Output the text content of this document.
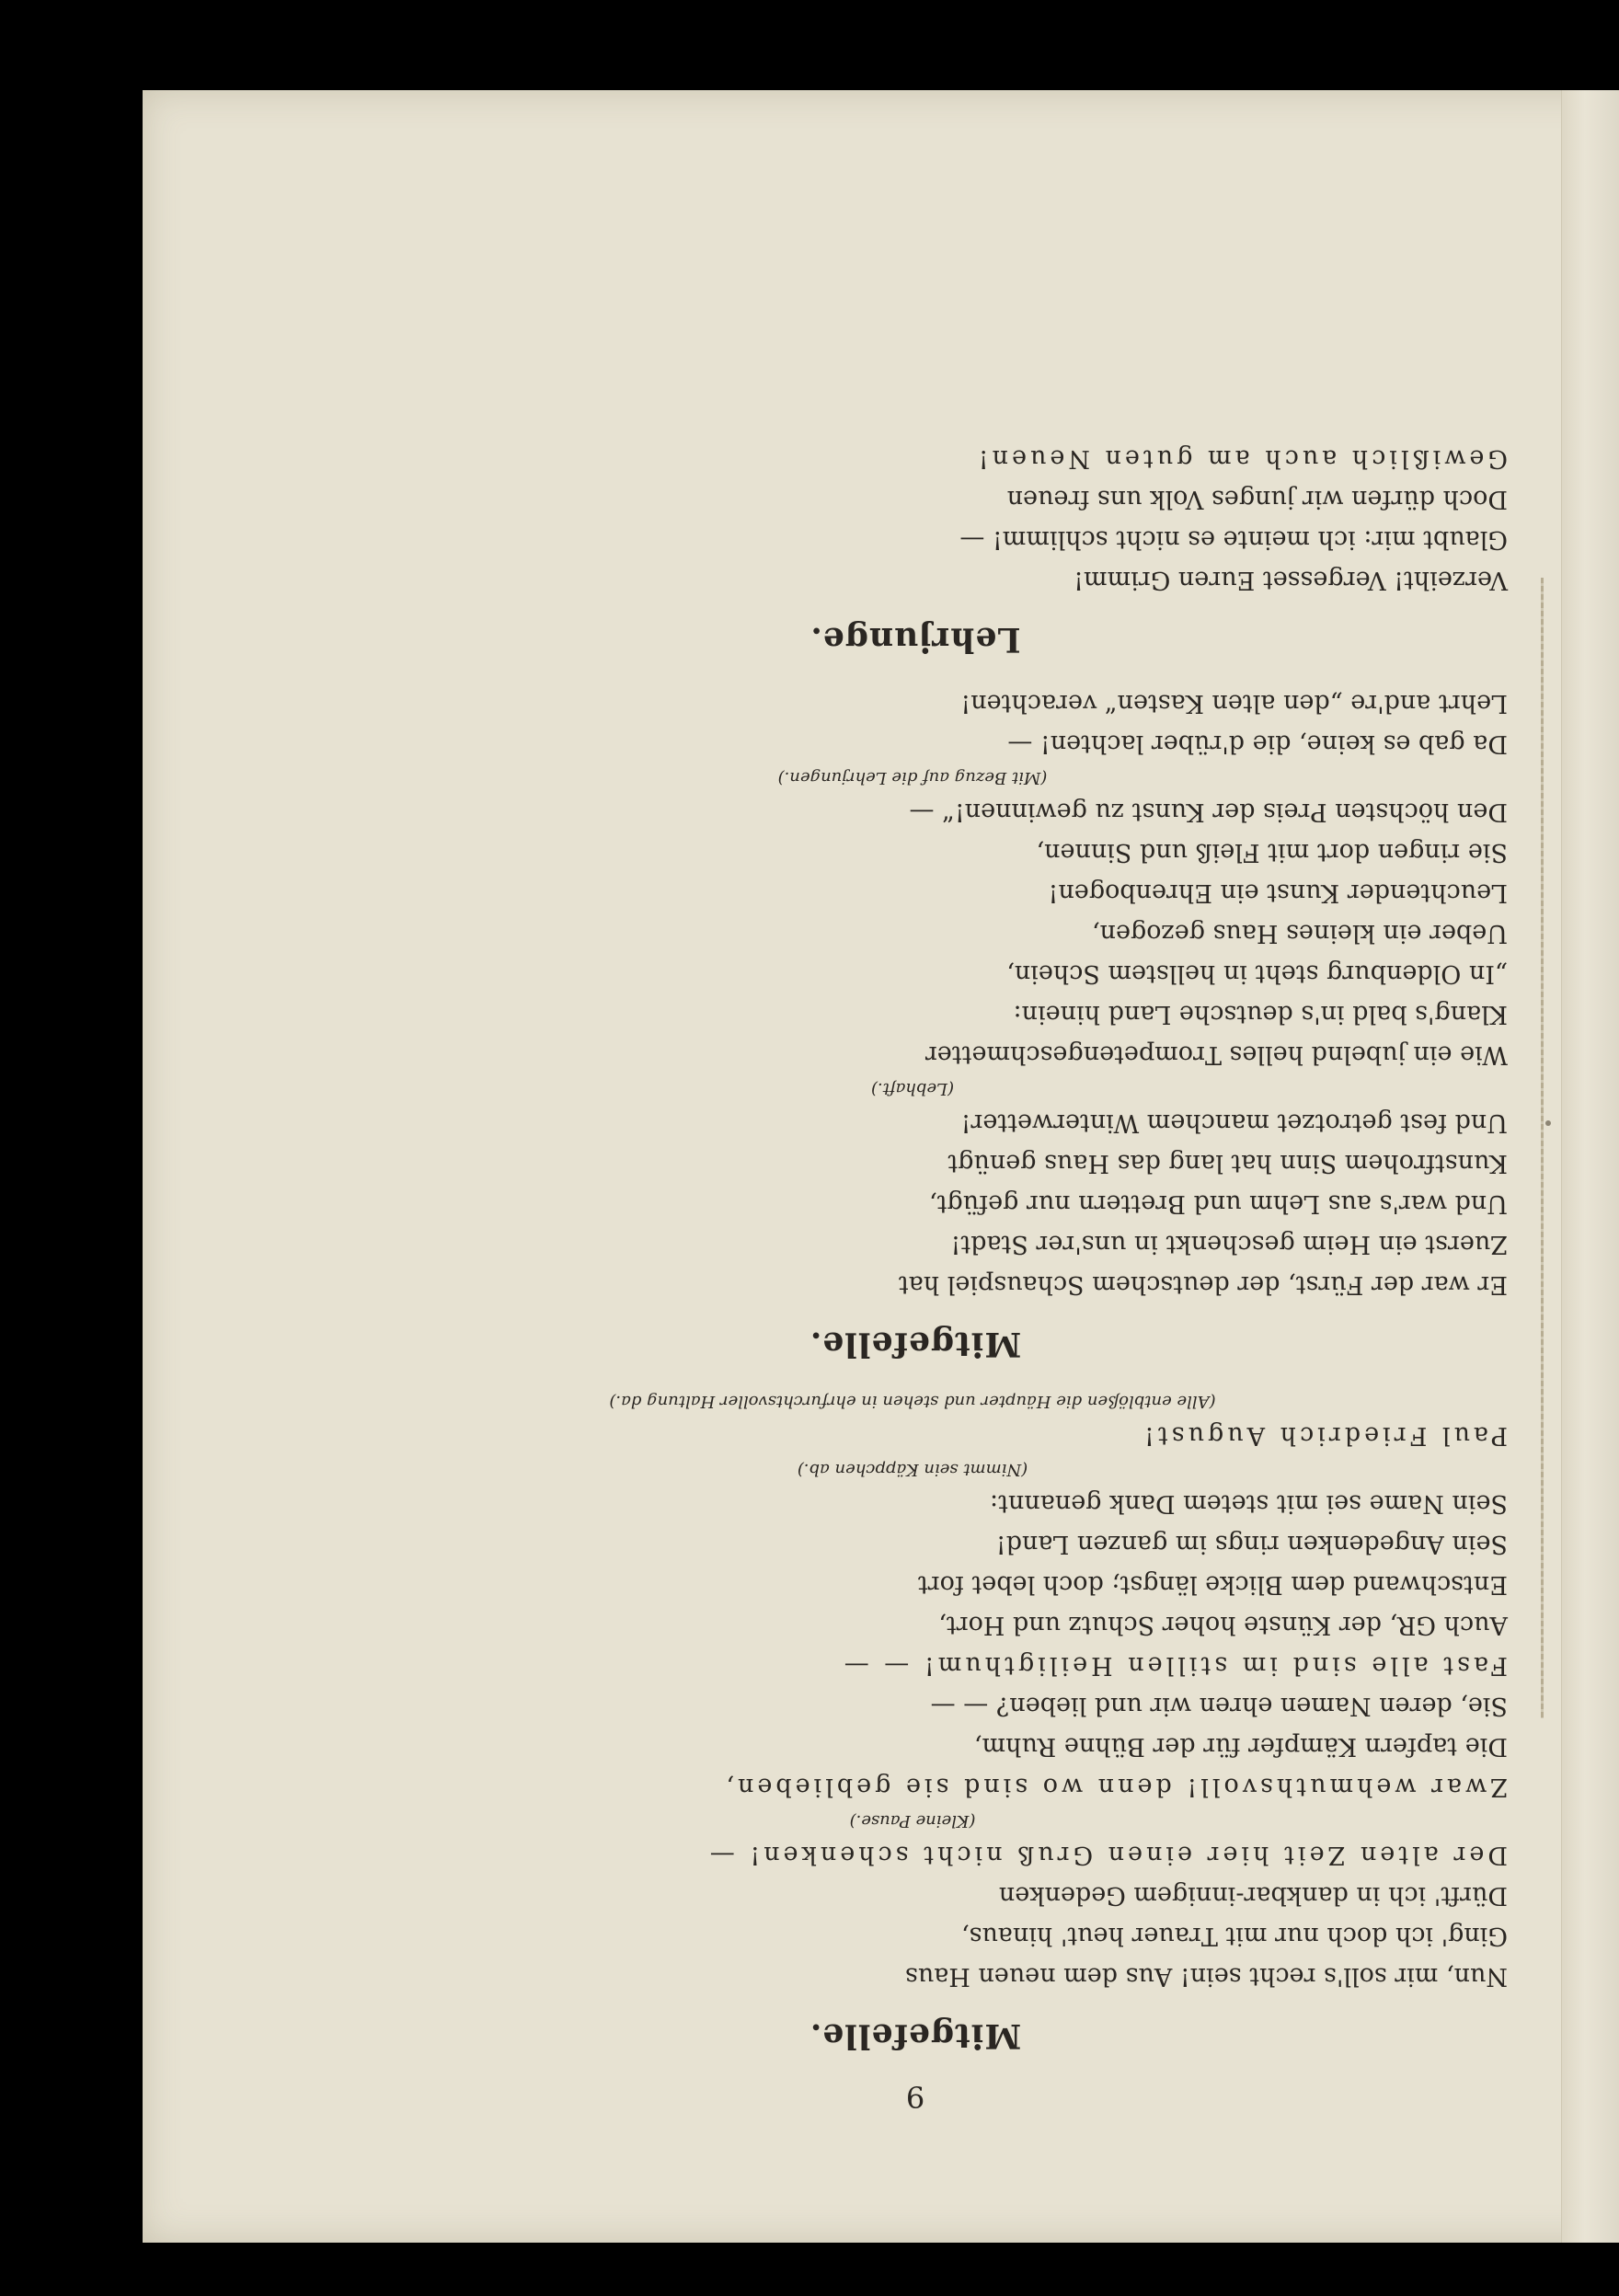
9
Mitgefelle.
Nun, mir soll's recht sein! Aus dem neuen Haus
Ging' ich doch nur mit Trauer heut' hinaus,
Dürft' ich in dankbar-innigem Gedenken
Der alten Zeit hier einen Gruß nicht schenken! —
(Kleine Pause.)
Zwar wehmuthsvoll! denn wo sind sie geblieben,
Die tapfern Kämpfer für der Bühne Ruhm,
Sie, deren Namen ehren wir und lieben? — —
Fast alle sind im stillen Heiligthum! — —
Auch GR, der Künste hoher Schutz und Hort,
Entschwand dem Blicke längst; doch lebet fort
Sein Angedenken rings im ganzen Land!
Sein Name sei mit stetem Dank genannt:
(Nimmt sein Käppchen ab.)
Paul Friedrich August!
(Alle entblößen die Häupter und stehen in ehrfurchtsvoller Haltung da.)
Mitgefelle.
Er war der Fürst, der deutschem Schauspiel hat
Zuerst ein Heim geschenkt in uns'rer Stadt!
Und war's aus Lehm und Brettern nur gefügt,
Kunstfrohem Sinn hat lang das Haus genügt
Und fest getrotzet manchem Winterwetter!
(Lebhaft.)
Wie ein jubelnd helles Trompetengeschmetter
Klang's bald in's deutsche Land hinein:
„In Oldenburg steht in hellstem Schein,
Ueber ein kleines Haus gezogen,
Leuchtender Kunst ein Ehrenbogen!
Sie ringen dort mit Fleiß und Sinnen,
Den höchsten Preis der Kunst zu gewinnen!“ —
(Mit Bezug auf die Lehrjungen.)
Da gab es keine, die d'rüber lachten! —
Lehrt and're „den alten Kasten“ verachten!
Lehrjunge.
Verzeiht! Vergesset Euren Grimm!
Glaubt mir: ich meinte es nicht schlimm! —
Doch dürfen wir junges Volk uns freuen
Gewißlich auch am guten Neuen!
